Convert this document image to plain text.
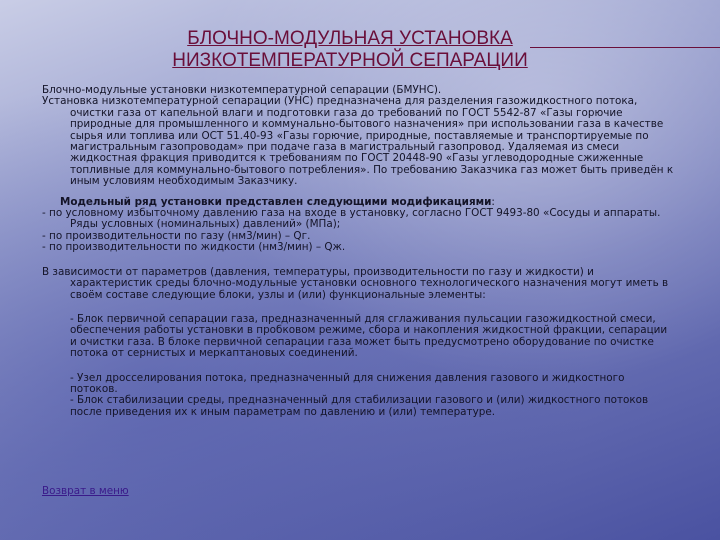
БЛОЧНО-МОДУЛЬНАЯ УСТАНОВКА
НИЗКОТЕМПЕРАТУРНОЙ СЕПАРАЦИИ

Блочно-модульные установки низкотемпературной сепарации (БМУНС).

Установка низкотемпературной сепарации (УНС) предназначена для разделения газожидкостного потока, очистки газа от капельной влаги и подготовки газа до требований по ГОСТ 5542-87 «Газы горючие природные для промышленного и коммунально-бытового назначения» при использовании газа в качестве сырья или топлива или ОСТ 51.40-93 «Газы горючие, природные, поставляемые и транспортируемые по магистральным газопроводам» при подаче газа в магистральный газопровод. Удаляемая из смеси жидкостная фракция приводится к требованиям по ГОСТ 20448-90 «Газы углеводородные сжиженные топливные для коммунально-бытового потребления». По требованию Заказчика газ может быть приведён к иным условиям необходимым Заказчику.

Модельный ряд установки представлен следующими модификациями:

- по условному избыточному давлению газа на входе в установку, согласно ГОСТ 9493-80 «Сосуды и аппараты. Ряды условных (номинальных) давлений» (МПа);

- по производительности по газу (нм3/мин) – Qг.

- по производительности по жидкости (нм3/мин) – Qж.

В зависимости от параметров (давления, температуры, производительности по газу и жидкости) и характеристик среды блочно-модульные установки основного технологического назначения могут иметь в своём составе следующие блоки, узлы и (или) функциональные элементы:

- Блок первичной сепарации газа, предназначенный для сглаживания пульсации газожидкостной смеси, обеспечения работы установки в пробковом режиме, сбора и накопления жидкостной фракции, сепарации и очистки газа. В блоке первичной сепарации газа может быть предусмотрено оборудование по очистке потока от сернистых и меркаптановых соединений.

- Узел дросселирования потока, предназначенный для снижения давления газового и жидкостного потоков.

- Блок стабилизации среды, предназначенный для стабилизации газового и (или) жидкостного потоков после приведения их к иным параметрам по давлению и (или) температуре.

Возврат в меню
